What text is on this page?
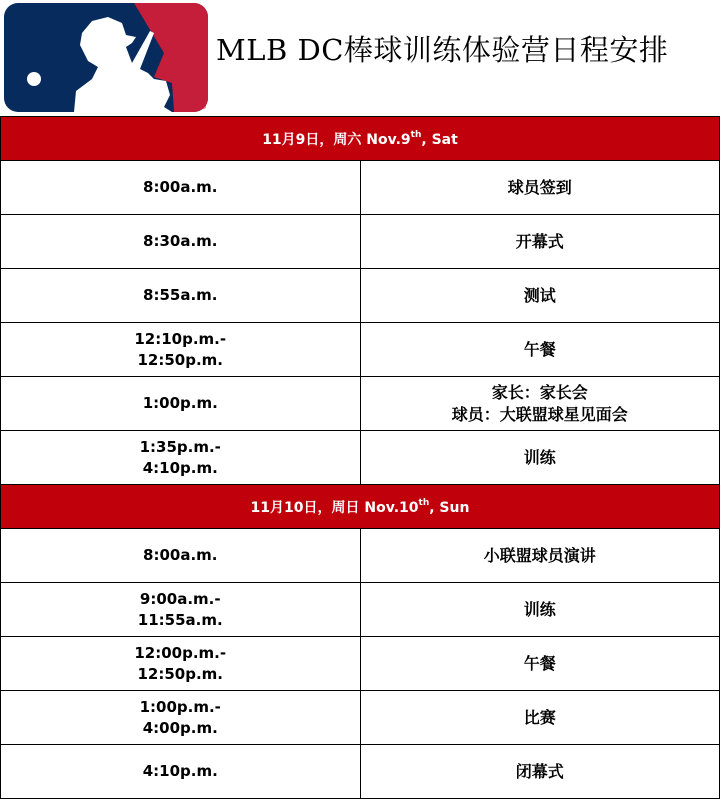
®
MLB DC棒球训练体验营日程安排
11月9日，周六 Nov.9th, Sat	

8:00a.m.	球员签到

8:30a.m.	开幕式

8:55a.m.	测试

12:10p.m.-
12:50p.m.	午餐

1:00p.m.	家长：家长会
球员：大联盟球星见面会

1:35p.m.-
4:10p.m.	训练

11月10日，周日 Nov.10th, Sun	

8:00a.m.	小联盟球员演讲

9:00a.m.-
11:55a.m.	训练

12:00p.m.-
12:50p.m.	午餐

1:00p.m.-
4:00p.m.	比赛

4:10p.m.	闭幕式
